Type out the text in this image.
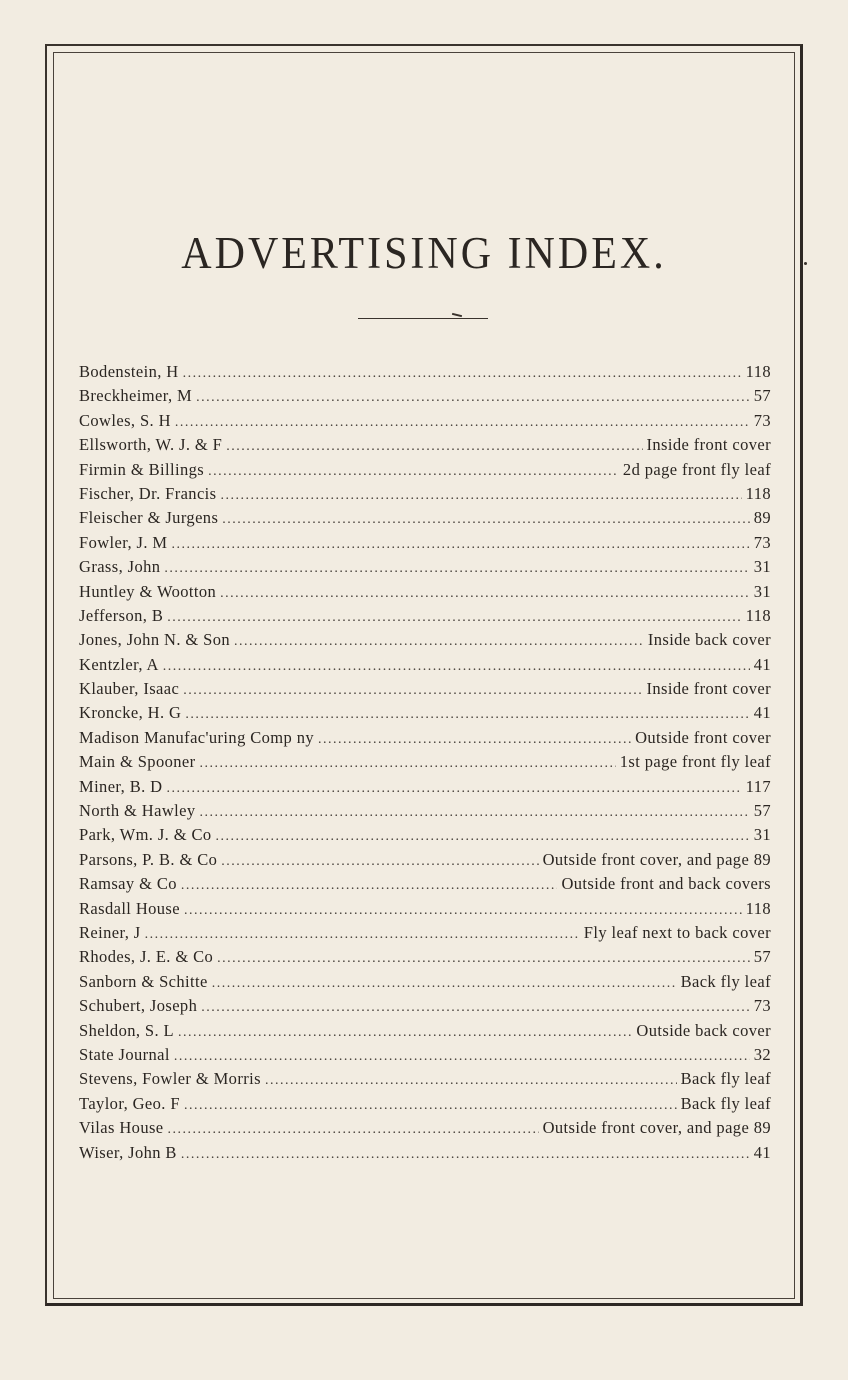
ADVERTISING INDEX.
Bodenstein, H . . .	118
Breckheimer, M . . .	57
Cowles, S. H . . .	73
Ellsworth, W. J. & F . . .	Inside front cover
Firmin & Billings . . .	2d page front fly leaf
Fischer, Dr. Francis . . .	118
Fleischer & Jurgens . . .	89
Fowler, J. M . . .	73
Grass, John . . .	31
Huntley & Wootton . . .	31
Jefferson, B . . .	118
Jones, John N. & Son . . .	Inside back cover
Kentzler, A . . .	41
Klauber, Isaac . . .	Inside front cover
Kroncke, H. G . . .	41
Madison Manufac'uring Comp ny . . .	Outside front cover
Main & Spooner . . .	1st page front fly leaf
Miner, B. D . . .	117
North & Hawley . . .	57
Park, Wm. J. & Co . . .	31
Parsons, P. B. & Co . . .	Outside front cover, and page 89
Ramsay & Co . . .	Outside front and back covers
Rasdall House . . .	118
Reiner, J . . .	Fly leaf next to back cover
Rhodes, J. E. & Co . . .	57
Sanborn & Schitte . . .	Back fly leaf
Schubert, Joseph . . .	73
Sheldon, S. L . . .	Outside back cover
State Journal . . .	32
Stevens, Fowler & Morris . . .	Back fly leaf
Taylor, Geo. F . . .	Back fly leaf
Vilas House . . .	Outside front cover, and page 89
Wiser, John B . . .	41
